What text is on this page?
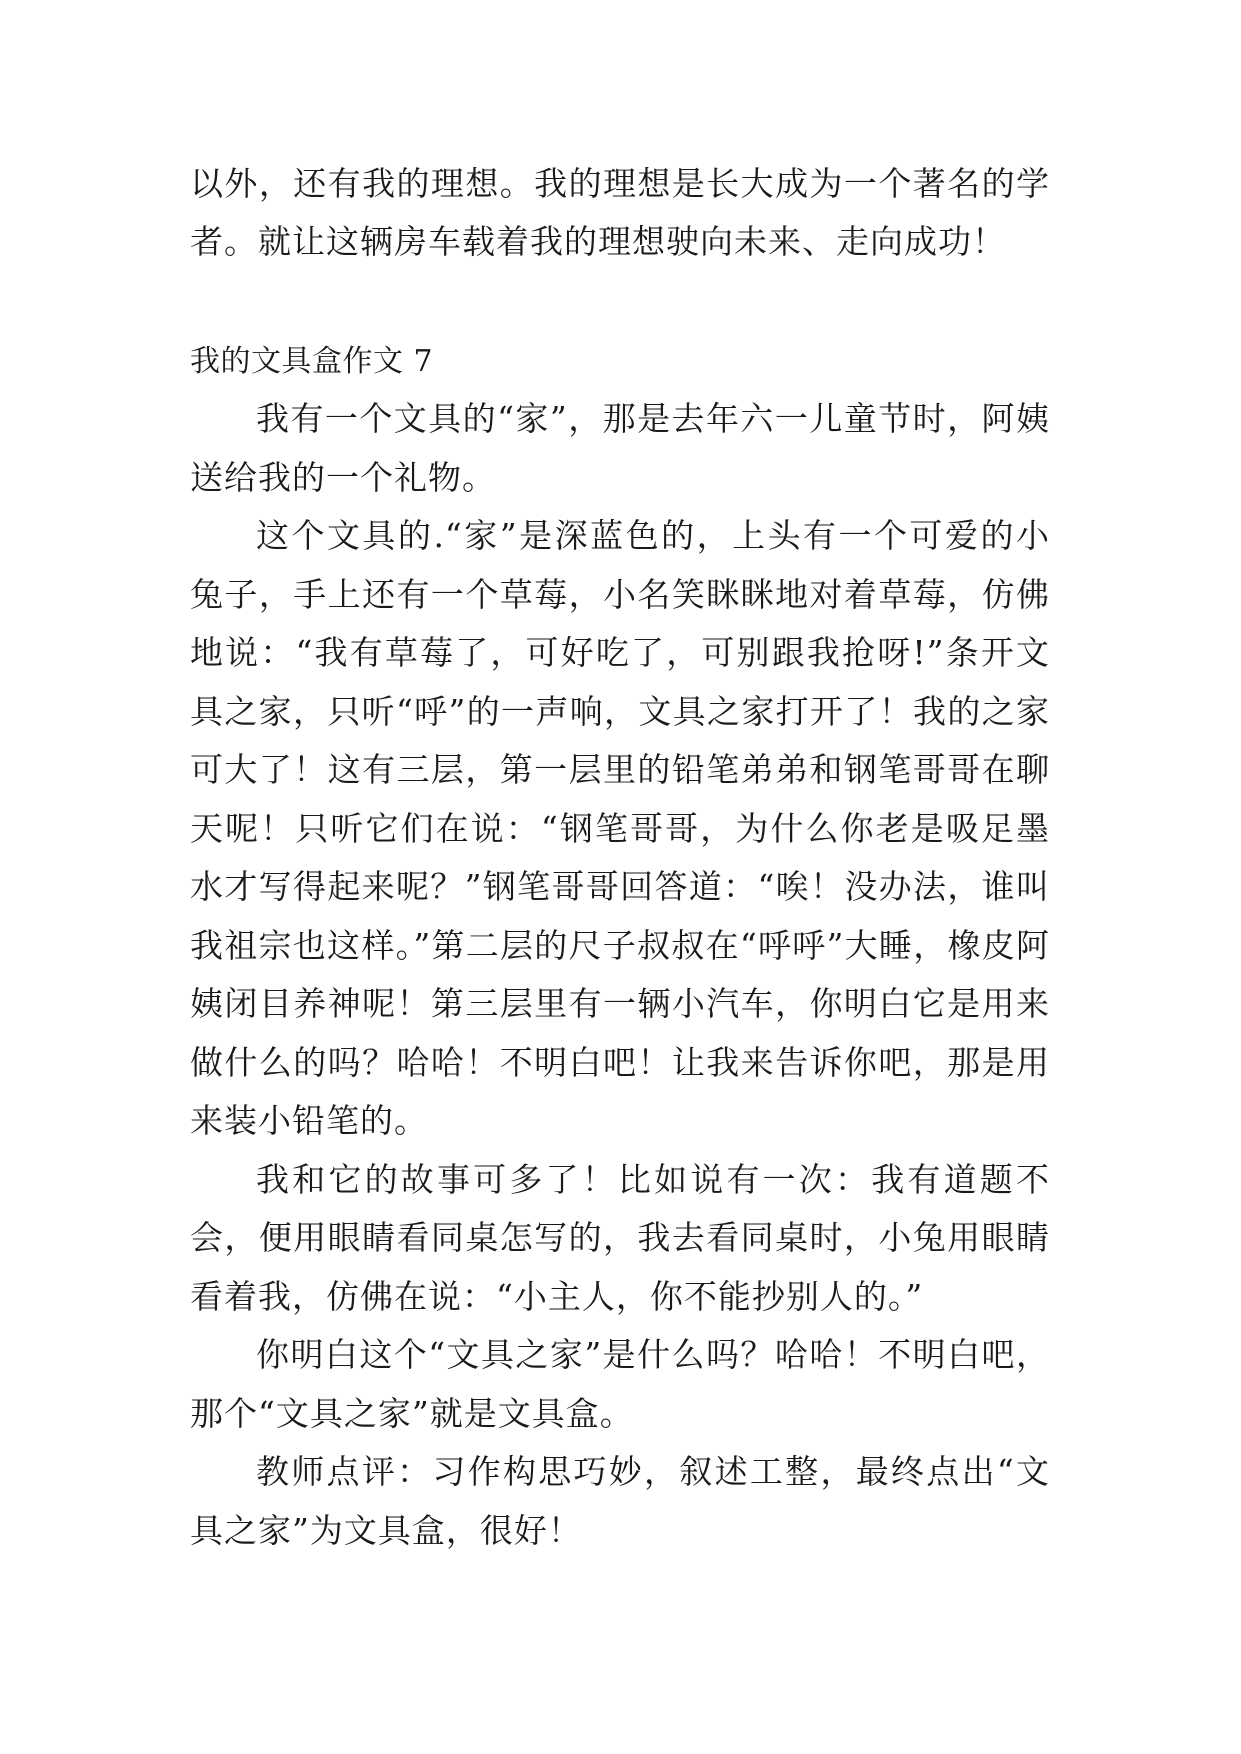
以外，还有我的理想。我的理想是长大成为一个著名的学者。就让这辆房车载着我的理想驶向未来、走向成功！

我的文具盒作文 7

我有一个文具的“家”，那是去年六一儿童节时，阿姨送给我的一个礼物。

这个文具的.“家”是深蓝色的，上头有一个可爱的小兔子，手上还有一个草莓，小名笑眯眯地对着草莓，仿佛地说：“我有草莓了，可好吃了，可别跟我抢呀!”条开文具之家，只听“呼”的一声响，文具之家打开了！我的之家可大了！这有三层，第一层里的铅笔弟弟和钢笔哥哥在聊天呢！只听它们在说：“钢笔哥哥，为什么你老是吸足墨水才写得起来呢？”钢笔哥哥回答道：“唉！没办法，谁叫我祖宗也这样。”第二层的尺子叔叔在“呼呼”大睡，橡皮阿姨闭目养神呢！第三层里有一辆小汽车，你明白它是用来做什么的吗？哈哈！不明白吧！让我来告诉你吧，那是用来装小铅笔的。

我和它的故事可多了！比如说有一次：我有道题不会，便用眼睛看同桌怎写的，我去看同桌时，小兔用眼睛看着我，仿佛在说：“小主人，你不能抄别人的。”

你明白这个“文具之家”是什么吗？哈哈！不明白吧，那个“文具之家”就是文具盒。

教师点评：习作构思巧妙，叙述工整，最终点出“文具之家”为文具盒，很好！
